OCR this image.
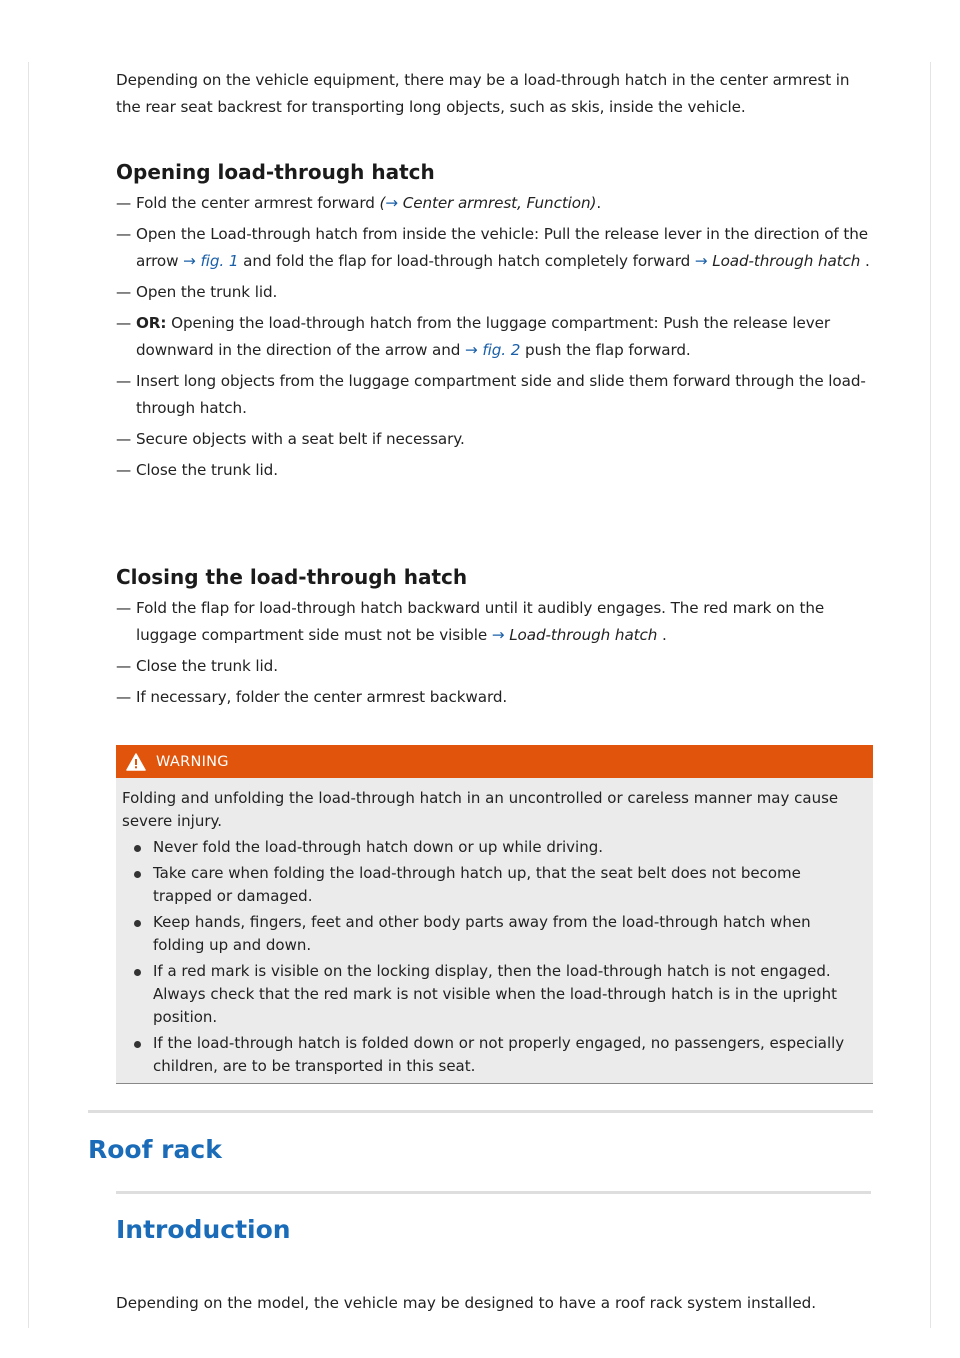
Depending on the vehicle equipment, there may be a load-through hatch in the center armrest in the rear seat backrest for transporting long objects, such as skis, inside the vehicle.

Opening load-through hatch
— Fold the center armrest forward (→ Center armrest, Function).
— Open the Load-through hatch from inside the vehicle: Pull the release lever in the direction of the arrow → fig. 1 and fold the flap for load-through hatch completely forward → Load-through hatch .
— Open the trunk lid.
— OR: Opening the load-through hatch from the luggage compartment: Push the release lever downward in the direction of the arrow and → fig. 2 push the flap forward.
— Insert long objects from the luggage compartment side and slide them forward through the load-through hatch.
— Secure objects with a seat belt if necessary.
— Close the trunk lid.
Closing the load-through hatch
— Fold the flap for load-through hatch backward until it audibly engages. The red mark on the luggage compartment side must not be visible → Load-through hatch .
— Close the trunk lid.
— If necessary, folder the center armrest backward.
WARNING

Folding and unfolding the load-through hatch in an uncontrolled or careless manner may cause severe injury.

Never fold the load-through hatch down or up while driving.
Take care when folding the load-through hatch up, that the seat belt does not become trapped or damaged.
Keep hands, fingers, feet and other body parts away from the load-through hatch when folding up and down.
If a red mark is visible on the locking display, then the load-through hatch is not engaged. Always check that the red mark is not visible when the load-through hatch is in the upright position.
If the load-through hatch is folded down or not properly engaged, no passengers, especially children, are to be transported in this seat.
Roof rack
Introduction

Depending on the model, the vehicle may be designed to have a roof rack system installed.
